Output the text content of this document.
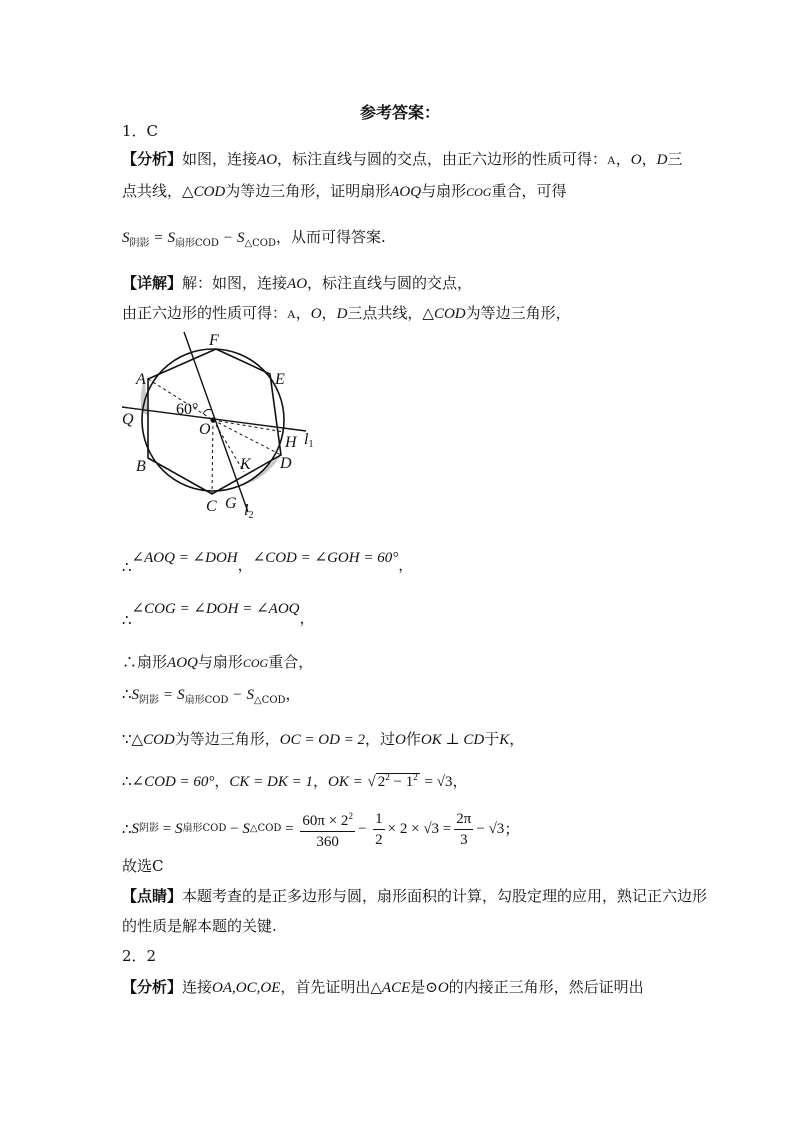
参考答案：
1．C
【分析】如图，连接AO，标注直线与圆的交点，由正六边形的性质可得：A，O，D三
点共线，△COD为等边三角形，证明扇形AOQ与扇形COG重合，可得
$S_{阴影} = S_{扇形COD} - S_{\triangle COD}$，从而可得答案.
【详解】解：如图，连接AO，标注直线与圆的交点，
由正六边形的性质可得：A，O，D三点共线，△COD为等边三角形，
F
E
A
Q
O
H l1
B	K D
C G l2
60°
∴∠AOQ = ∠DOH，∠COD = ∠GOH = 60°，
∴∠COG = ∠DOH = ∠AOQ，
∴扇形AOQ与扇形COG重合，
$\therefore S_{阴影} = S_{扇形COD} - S_{\triangle COD}$，
∵△COD为等边三角形，OC = OD = 2，过O作OK ⊥ CD于K，
∴∠COD = 60°，CK = DK = 1，OK = √ $2^2 - 1^2 = √3$，
∴S阴影 = S扇形COD − S△COD = $\frac{60\pi \times 2^2}{360} - \frac{1}{2} \times 2 \times √3 = \frac{2\pi}{3} - √3$；
故选C
【点睛】本题考查的是正多边形与圆，扇形面积的计算，勾股定理的应用，熟记正六边形
的性质是解本题的关键.
2．2
【分析】连接OA,OC,OE，首先证明出△ACE是⊙O的内接正三角形，然后证明出
